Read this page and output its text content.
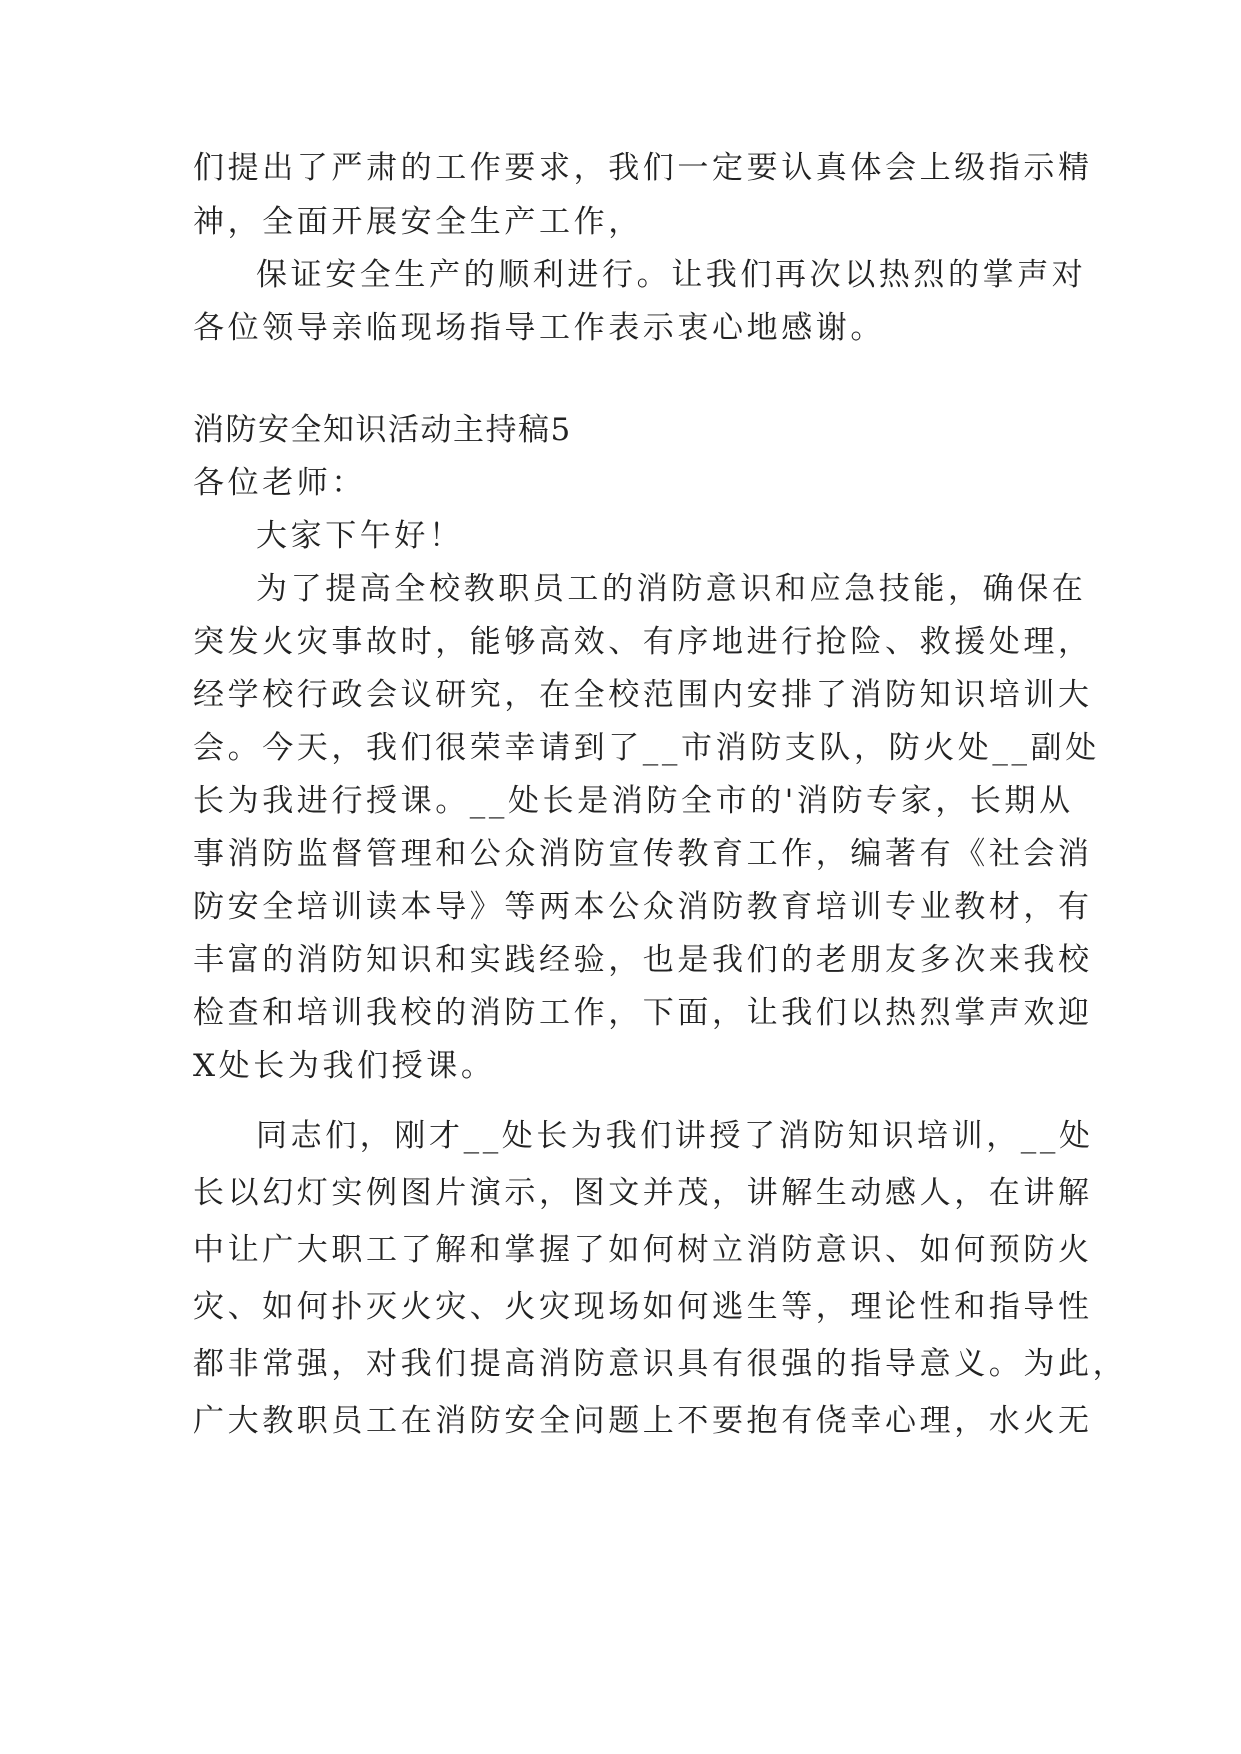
们提出了严肃的工作要求，我们一定要认真体会上级指示精
神，全面开展安全生产工作，
保证安全生产的顺利进行。让我们再次以热烈的掌声对
各位领导亲临现场指导工作表示衷心地感谢。
消防安全知识活动主持稿5
各位老师：
大家下午好！
为了提高全校教职员工的消防意识和应急技能，确保在
突发火灾事故时，能够高效、有序地进行抢险、救援处理，
经学校行政会议研究，在全校范围内安排了消防知识培训大
会。今天，我们很荣幸请到了__市消防支队，防火处__副处
长为我进行授课。__处长是消防全市的'消防专家，长期从
事消防监督管理和公众消防宣传教育工作，编著有《社会消
防安全培训读本导》等两本公众消防教育培训专业教材，有
丰富的消防知识和实践经验，也是我们的老朋友多次来我校
检查和培训我校的消防工作，下面，让我们以热烈掌声欢迎
X处长为我们授课。
同志们，刚才__处长为我们讲授了消防知识培训，__处
长以幻灯实例图片演示，图文并茂，讲解生动感人，在讲解
中让广大职工了解和掌握了如何树立消防意识、如何预防火
灾、如何扑灭火灾、火灾现场如何逃生等，理论性和指导性
都非常强，对我们提高消防意识具有很强的指导意义。为此，
广大教职员工在消防安全问题上不要抱有侥幸心理，水火无
